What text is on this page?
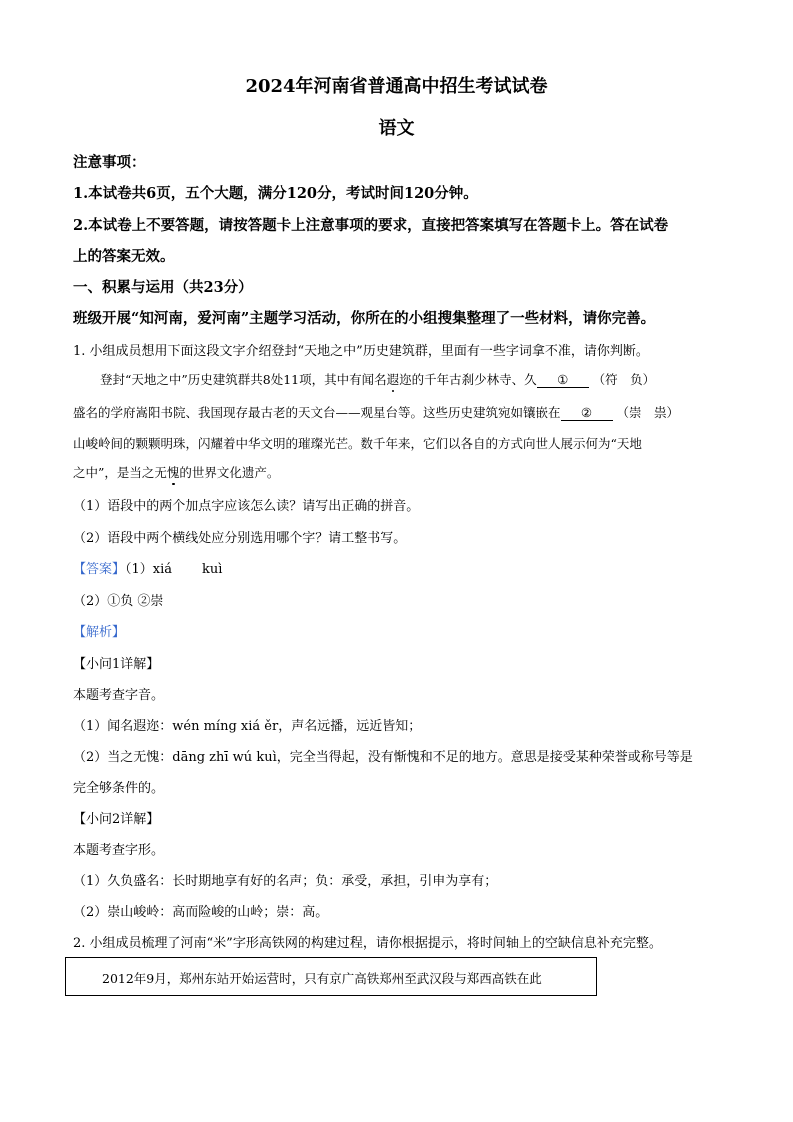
2024年河南省普通高中招生考试试卷
语文
注意事项：
1.本试卷共6页，五个大题，满分120分，考试时间120分钟。
2.本试卷上不要答题，请按答题卡上注意事项的要求，直接把答案填写在答题卡上。答在试卷
上的答案无效。
一、积累与运用（共23分）
班级开展“知河南，爱河南”主题学习活动，你所在的小组搜集整理了一些材料，请你完善。
1. 小组成员想用下面这段文字介绍登封“天地之中”历史建筑群，里面有一些字词拿不准，请你判断。
登封“天地之中”历史建筑群共8处11项，其中有闻名遐迩的千年古刹少林寺、久 ① （符　负）
盛名的学府嵩阳书院、我国现存最古老的天文台——观星台等。这些历史建筑宛如镶嵌在 ② （崇　祟）
山峻岭间的颗颗明珠，闪耀着中华文明的璀璨光芒。数千年来，它们以各自的方式向世人展示何为“天地
之中”，是当之无愧的世界文化遗产。
（1）语段中的两个加点字应该怎么读？请写出正确的拼音。
（2）语段中两个横线处应分别选用哪个字？请工整书写。
【答案】（1）xiá kuì
（2）①负 ②崇
【解析】
【小问1详解】
本题考查字音。
（1）闻名遐迩：wén míng xiá ěr，声名远播，远近皆知；
（2）当之无愧：dāng zhī wú kuì，完全当得起，没有惭愧和不足的地方。意思是接受某种荣誉或称号等是
完全够条件的。
【小问2详解】
本题考查字形。
（1）久负盛名：长时期地享有好的名声；负：承受，承担，引申为享有；
（2）崇山峻岭：高而险峻的山岭；崇：高。
2. 小组成员梳理了河南“米”字形高铁网的构建过程，请你根据提示，将时间轴上的空缺信息补充完整。
2012年9月，郑州东站开始运营时，只有京广高铁郑州至武汉段与郑西高铁在此
